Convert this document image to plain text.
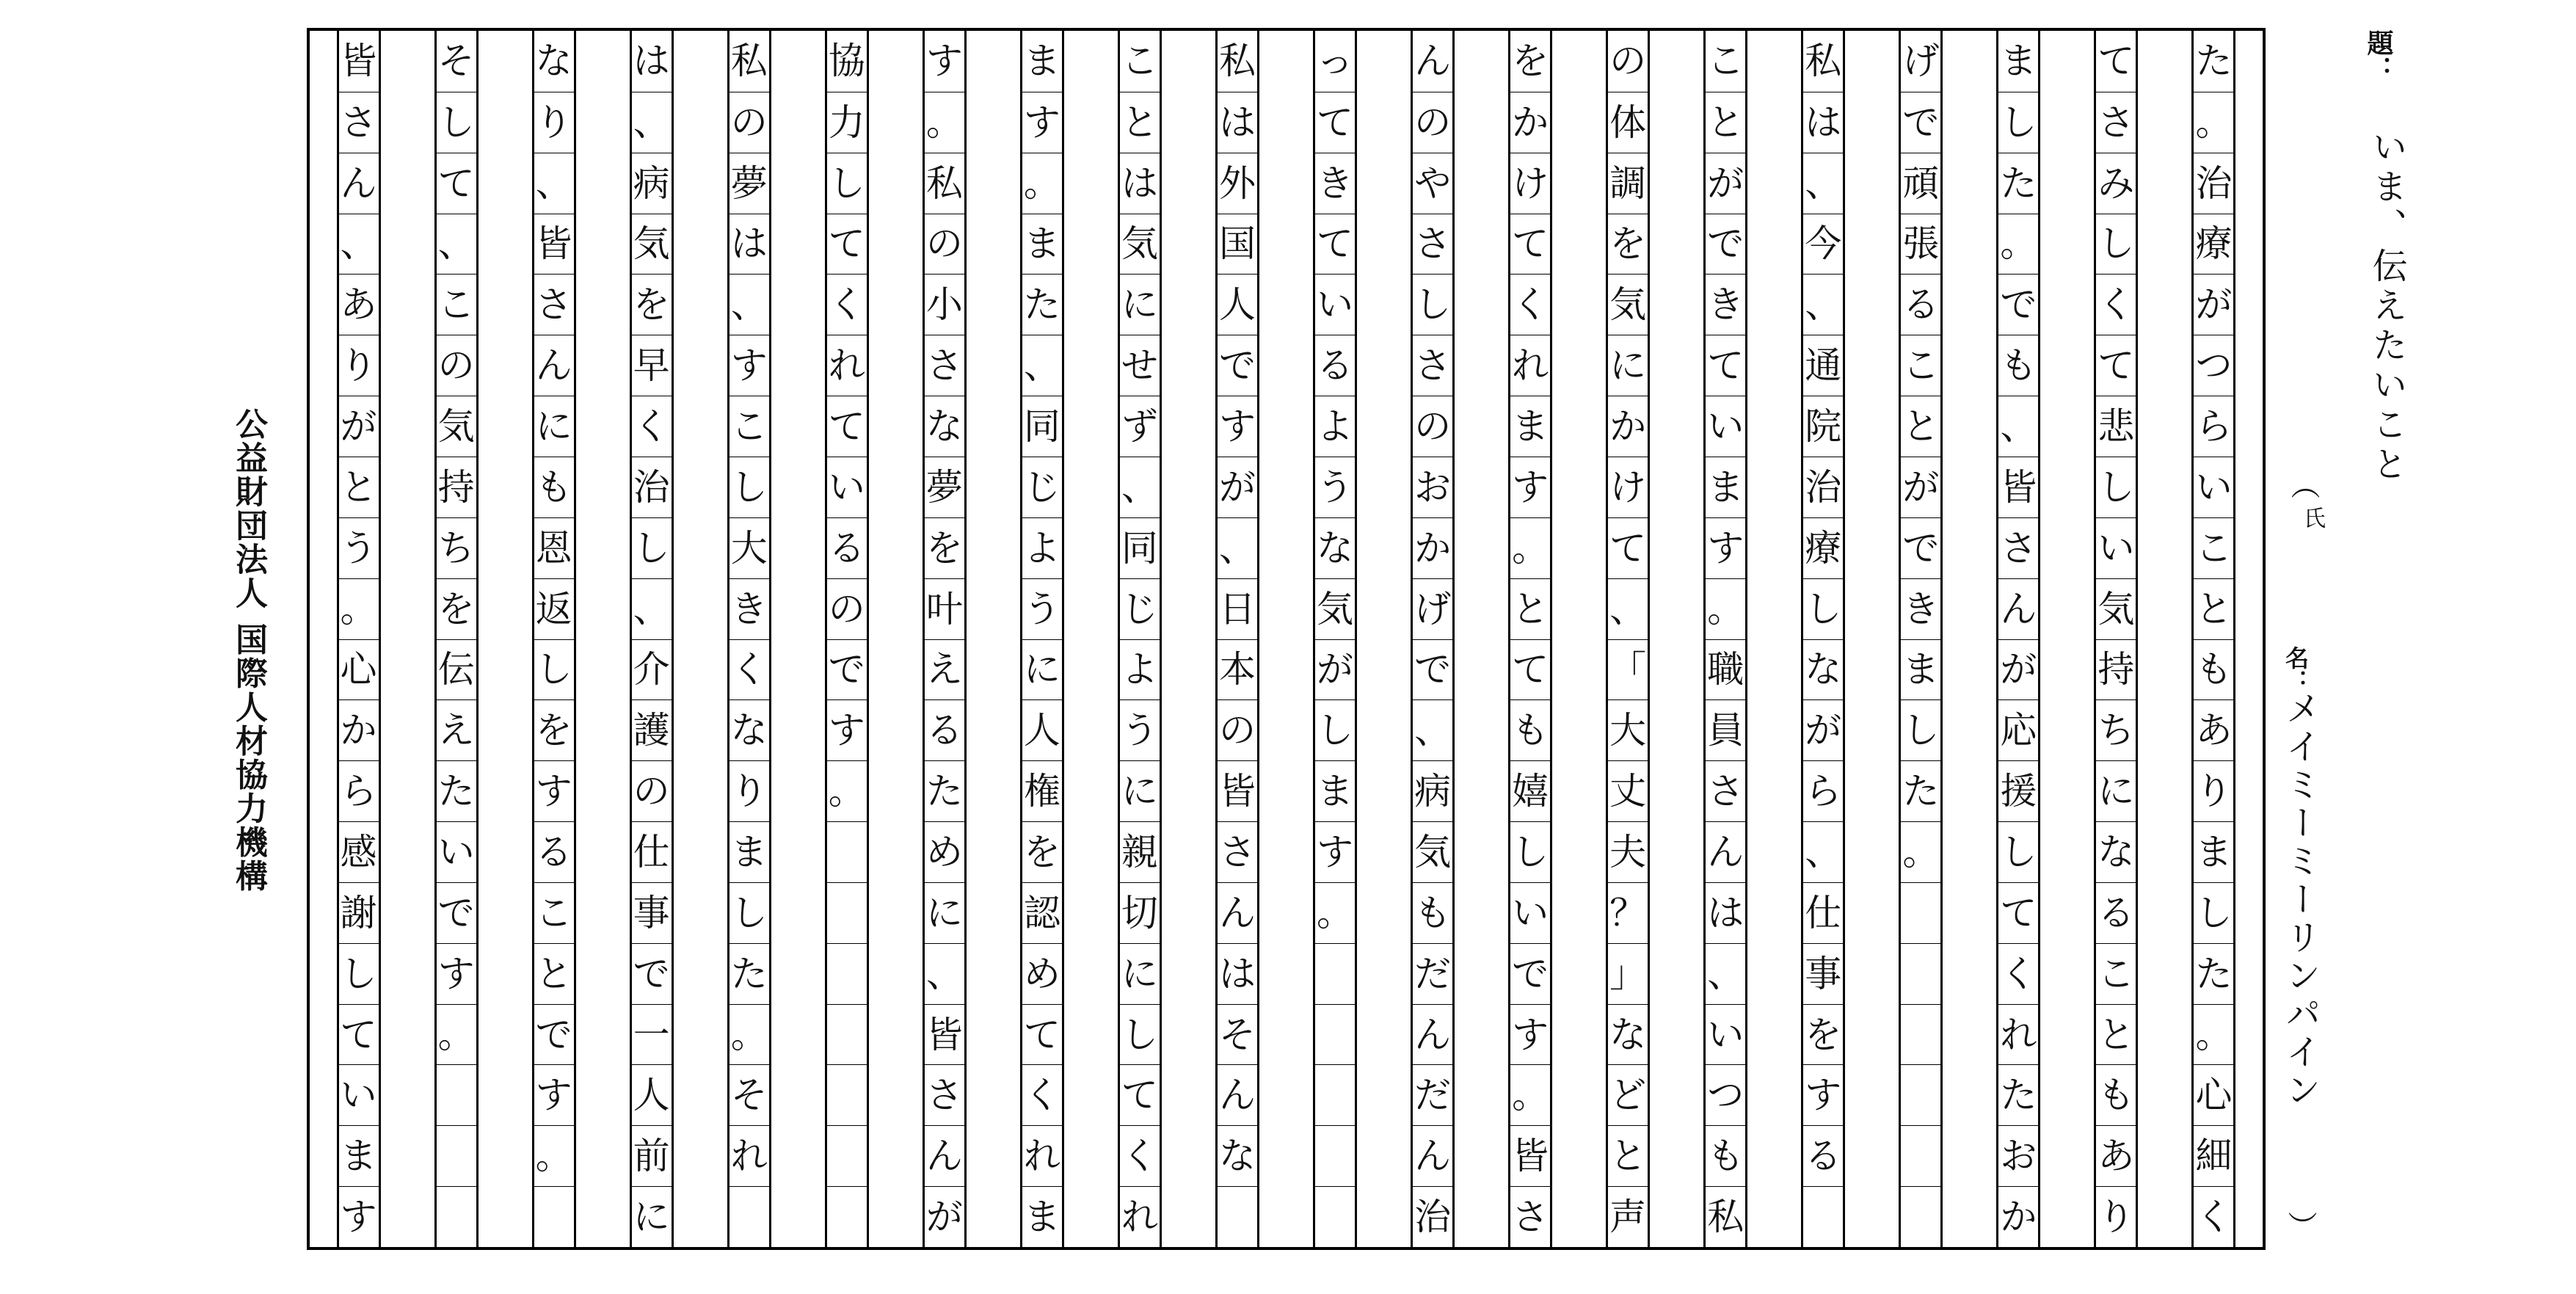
た
。
治
療
が
つ
ら
い
こ
と
も
あ
り
ま
し
た
。
心
細
く
て
さ
み
し
く
て
悲
し
い
気
持
ち
に
な
る
こ
と
も
あ
り
ま
し
た
。
で
も
、
皆
さ
ん
が
応
援
し
て
く
れ
た
お
か
げ
で
頑
張
る
こ
と
が
で
き
ま
し
た
。
私
は
、
今
、
通
院
治
療
し
な
が
ら
、
仕
事
を
す
る
こ
と
が
で
き
て
い
ま
す
。
職
員
さ
ん
は
、
い
つ
も
私
の
体
調
を
気
に
か
け
て
、
「
大
丈
夫
？
」
な
ど
と
声
を
か
け
て
く
れ
ま
す
。
と
て
も
嬉
し
い
で
す
。
皆
さ
ん
の
や
さ
し
さ
の
お
か
げ
で
、
病
気
も
だ
ん
だ
ん
治
っ
て
き
て
い
る
よ
う
な
気
が
し
ま
す
。
私
は
外
国
人
で
す
が
、
日
本
の
皆
さ
ん
は
そ
ん
な
こ
と
は
気
に
せ
ず
、
同
じ
よ
う
に
親
切
に
し
て
く
れ
ま
す
。
ま
た
、
同
じ
よ
う
に
人
権
を
認
め
て
く
れ
ま
す
。
私
の
小
さ
な
夢
を
叶
え
る
た
め
に
、
皆
さ
ん
が
協
力
し
て
く
れ
て
い
る
の
で
す
。
私
の
夢
は
、
す
こ
し
大
き
く
な
り
ま
し
た
。
そ
れ
は
、
病
気
を
早
く
治
し
、
介
護
の
仕
事
で
一
人
前
に
な
り
、
皆
さ
ん
に
も
恩
返
し
を
す
る
こ
と
で
す
。
そ
し
て
、
こ
の
気
持
ち
を
伝
え
た
い
で
す
。
皆
さ
ん
、
あ
り
が
と
う
。
心
か
ら
感
謝
し
て
い
ま
す
公益財団法人 国際人材協力機構
題：
いま、伝えたいこと
（
氏
名：
メイミーミーリンパイン
）
